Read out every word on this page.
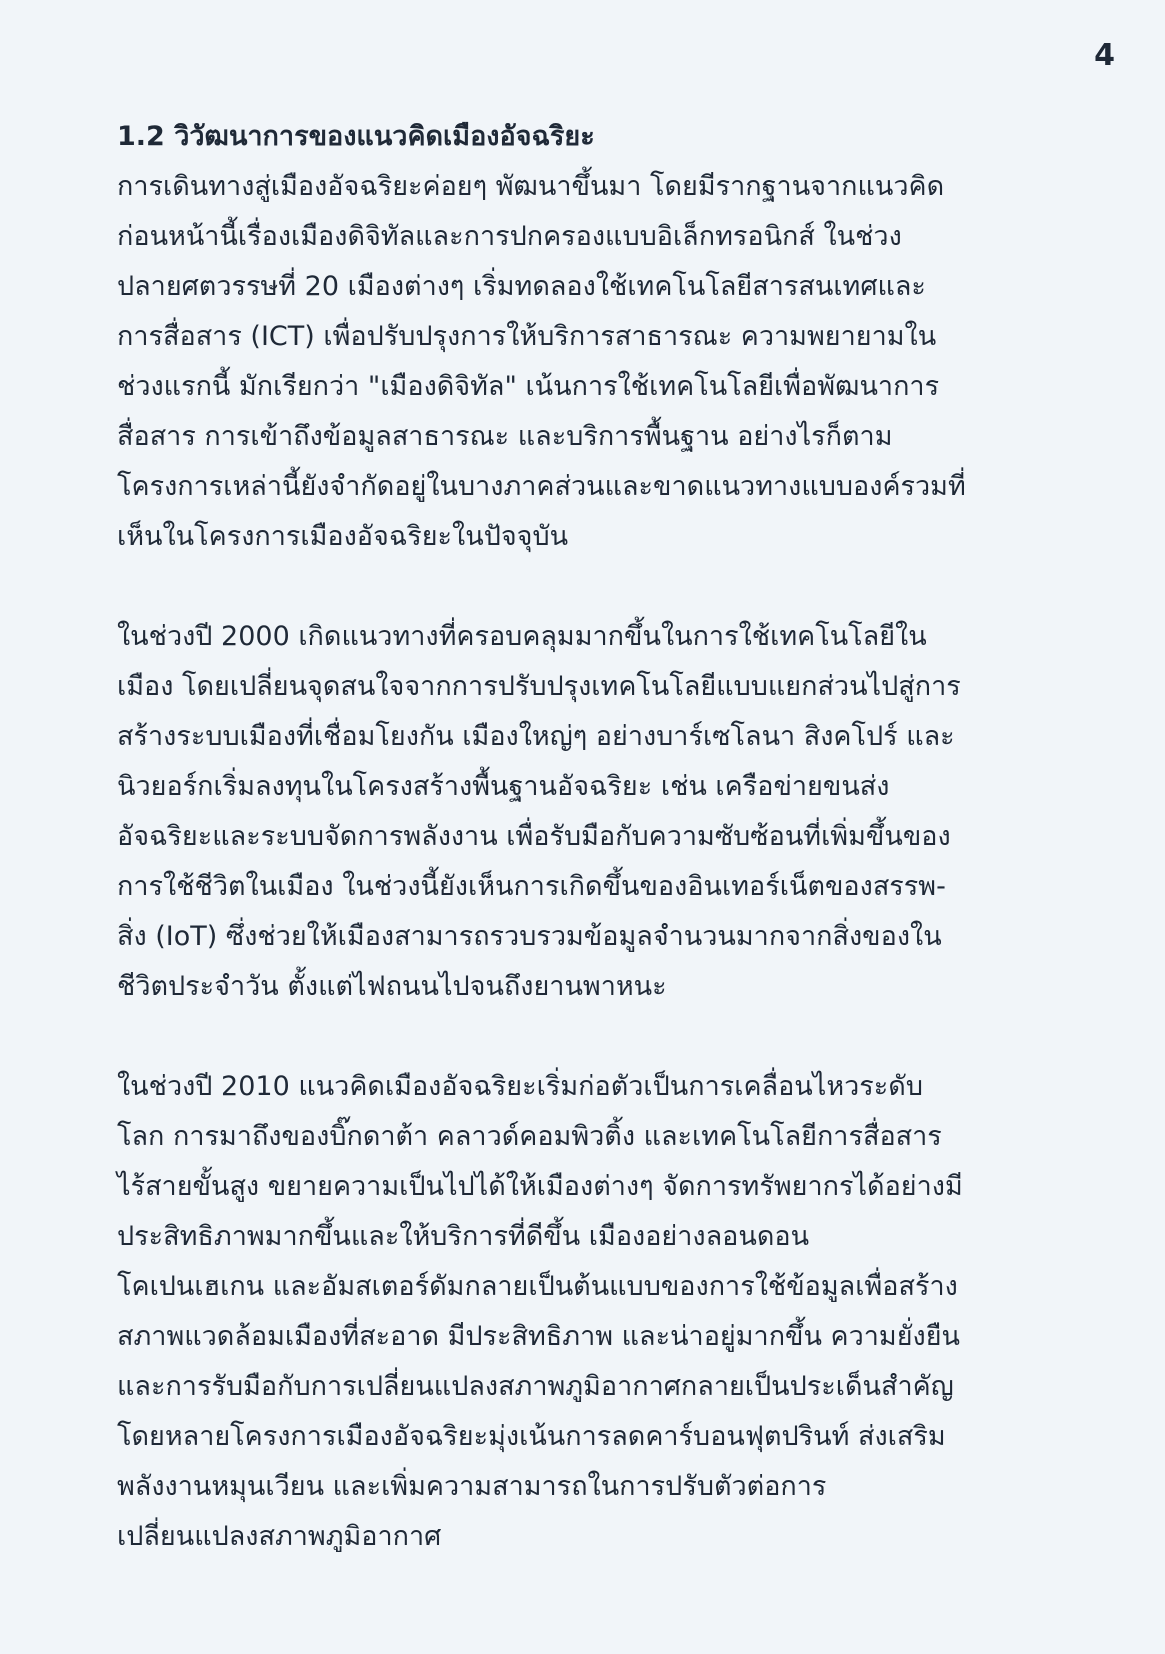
4
1.2 วิวัฒนาการของแนวคิดเมืองอัจฉริยะ
การเดินทางสู่เมืองอัจฉริยะค่อยๆ พัฒนาขึ้นมา โดยมีรากฐานจากแนวคิด
ก่อนหน้านี้เรื่องเมืองดิจิทัลและการปกครองแบบอิเล็กทรอนิกส์ ในช่วง
ปลายศตวรรษที่ 20 เมืองต่างๆ เริ่มทดลองใช้เทคโนโลยีสารสนเทศและ
การสื่อสาร (ICT) เพื่อปรับปรุงการให้บริการสาธารณะ ความพยายามใน
ช่วงแรกนี้ มักเรียกว่า "เมืองดิจิทัล" เน้นการใช้เทคโนโลยีเพื่อพัฒนาการ
สื่อสาร การเข้าถึงข้อมูลสาธารณะ และบริการพื้นฐาน อย่างไรก็ตาม
โครงการเหล่านี้ยังจำกัดอยู่ในบางภาคส่วนและขาดแนวทางแบบองค์รวมที่
เห็นในโครงการเมืองอัจฉริยะในปัจจุบัน
ในช่วงปี 2000 เกิดแนวทางที่ครอบคลุมมากขึ้นในการใช้เทคโนโลยีใน
เมือง โดยเปลี่ยนจุดสนใจจากการปรับปรุงเทคโนโลยีแบบแยกส่วนไปสู่การ
สร้างระบบเมืองที่เชื่อมโยงกัน เมืองใหญ่ๆ อย่างบาร์เซโลนา สิงคโปร์ และ
นิวยอร์กเริ่มลงทุนในโครงสร้างพื้นฐานอัจฉริยะ เช่น เครือข่ายขนส่ง
อัจฉริยะและระบบจัดการพลังงาน เพื่อรับมือกับความซับซ้อนที่เพิ่มขึ้นของ
การใช้ชีวิตในเมือง ในช่วงนี้ยังเห็นการเกิดขึ้นของอินเทอร์เน็ตของสรรพ-
สิ่ง (IoT) ซึ่งช่วยให้เมืองสามารถรวบรวมข้อมูลจำนวนมากจากสิ่งของใน
ชีวิตประจำวัน ตั้งแต่ไฟถนนไปจนถึงยานพาหนะ
ในช่วงปี 2010 แนวคิดเมืองอัจฉริยะเริ่มก่อตัวเป็นการเคลื่อนไหวระดับ
โลก การมาถึงของบิ๊กดาต้า คลาวด์คอมพิวติ้ง และเทคโนโลยีการสื่อสาร
ไร้สายขั้นสูง ขยายความเป็นไปได้ให้เมืองต่างๆ จัดการทรัพยากรได้อย่างมี
ประสิทธิภาพมากขึ้นและให้บริการที่ดีขึ้น เมืองอย่างลอนดอน
โคเปนเฮเกน และอัมสเตอร์ดัมกลายเป็นต้นแบบของการใช้ข้อมูลเพื่อสร้าง
สภาพแวดล้อมเมืองที่สะอาด มีประสิทธิภาพ และน่าอยู่มากขึ้น ความยั่งยืน
และการรับมือกับการเปลี่ยนแปลงสภาพภูมิอากาศกลายเป็นประเด็นสำคัญ
โดยหลายโครงการเมืองอัจฉริยะมุ่งเน้นการลดคาร์บอนฟุตปรินท์ ส่งเสริม
พลังงานหมุนเวียน และเพิ่มความสามารถในการปรับตัวต่อการ
เปลี่ยนแปลงสภาพภูมิอากาศ
